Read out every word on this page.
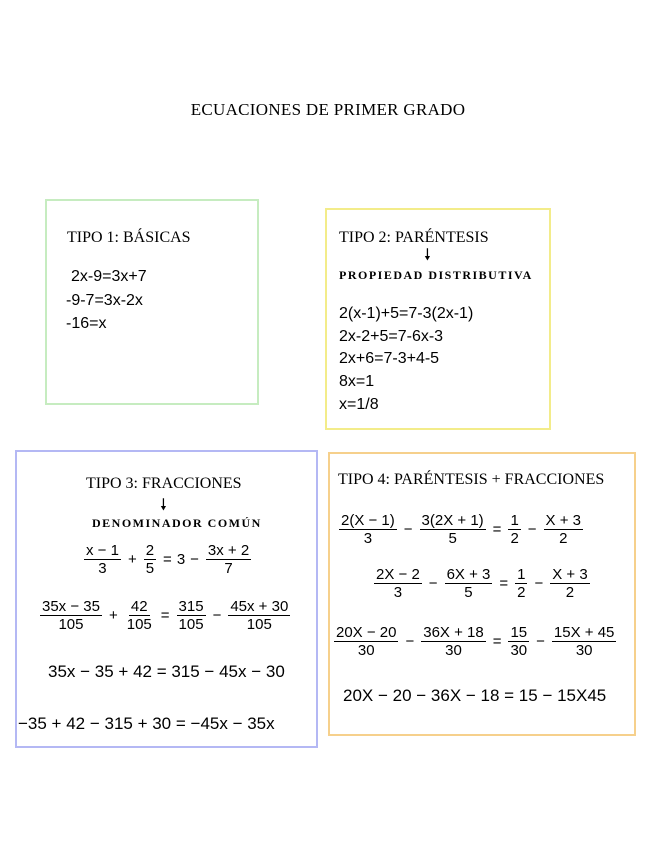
ECUACIONES DE PRIMER GRADO
TIPO 1: BÁSICAS
2x-9=3x+7
-9-7=3x-2x
-16=x
TIPO 2: PARÉNTESIS
🠗
PROPIEDAD DISTRIBUTIVA
2(x-1)+5=7-3(2x-1)
2x-2+5=7-6x-3
2x+6=7-3+4-5
8x=1
x=1/8
TIPO 3: FRACCIONES
🠗
DENOMINADOR COMÚN
$\frac{x - 1}{3} + \frac{2}{5} = 3 - \frac{3x + 2}{7}$
$\frac{35x - 35}{105} + \frac{42}{105} = \frac{315}{105} - \frac{45x + 30}{105}$
35x − 35 + 42 = 315 − 45x − 30
−35 + 42 − 315 + 30 = −45x − 35x
TIPO 4: PARÉNTESIS + FRACCIONES
$\frac{2(X - 1)}{3} - \frac{3(2X + 1)}{5} = \frac{1}{2} - \frac{X + 3}{2}$
$\frac{2X - 2}{3} - \frac{6X + 3}{5} = \frac{1}{2} - \frac{X + 3}{2}$
$\frac{20X - 20}{30} - \frac{36X + 18}{30} = \frac{15}{30} - \frac{15X + 45}{30}$
20X − 20 − 36X − 18 = 15 − 15X45
